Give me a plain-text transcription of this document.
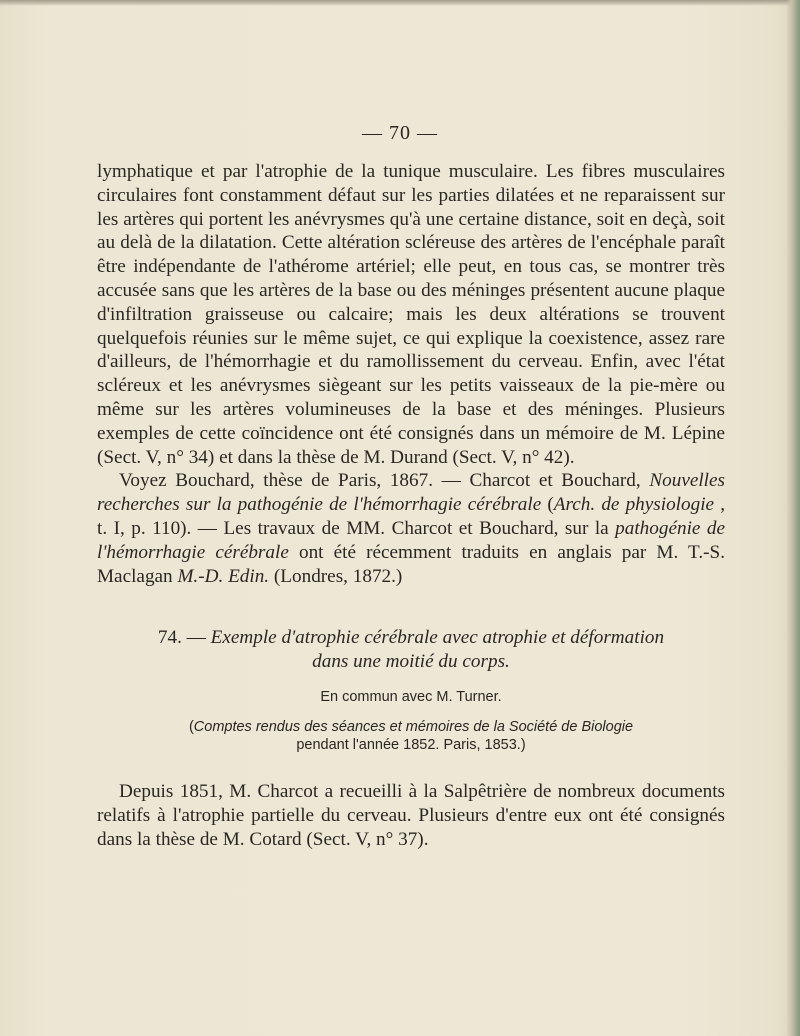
— 70 —

lymphatique et par l'atrophie de la tunique musculaire. Les fibres musculaires circulaires font constamment défaut sur les parties dilatées et ne reparaissent sur les artères qui portent les anévrysmes qu'à une certaine distance, soit en deçà, soit au delà de la dilatation. Cette altération scléreuse des artères de l'encéphale paraît être indépendante de l'athérome artériel; elle peut, en tous cas, se montrer très accusée sans que les artères de la base ou des méninges présentent aucune plaque d'infiltration graisseuse ou calcaire; mais les deux altérations se trouvent quelquefois réunies sur le même sujet, ce qui explique la coexistence, assez rare d'ailleurs, de l'hémorrhagie et du ramollissement du cerveau. Enfin, avec l'état scléreux et les anévrysmes siègeant sur les petits vaisseaux de la pie-mère ou même sur les artères volumineuses de la base et des méninges. Plusieurs exemples de cette coïncidence ont été consignés dans un mémoire de M. Lépine (Sect. V, n° 34) et dans la thèse de M. Durand (Sect. V, n° 42).

Voyez Bouchard, thèse de Paris, 1867. — Charcot et Bouchard, Nouvelles recherches sur la pathogénie de l'hémorrhagie cérébrale (Arch. de physiologie , t. I, p. 110). — Les travaux de MM. Charcot et Bouchard, sur la pathogénie de l'hémorrhagie cérébrale ont été récemment traduits en anglais par M. T.-S. Maclagan M.-D. Edin. (Londres, 1872.)

74. — Exemple d'atrophie cérébrale avec atrophie et déformation
dans une moitié du corps.
En commun avec M. Turner.
(Comptes rendus des séances et mémoires de la Société de Biologie
pendant l'année 1852. Paris, 1853.)

Depuis 1851, M. Charcot a recueilli à la Salpêtrière de nombreux documents relatifs à l'atrophie partielle du cerveau. Plusieurs d'entre eux ont été consignés dans la thèse de M. Cotard (Sect. V, n° 37).
